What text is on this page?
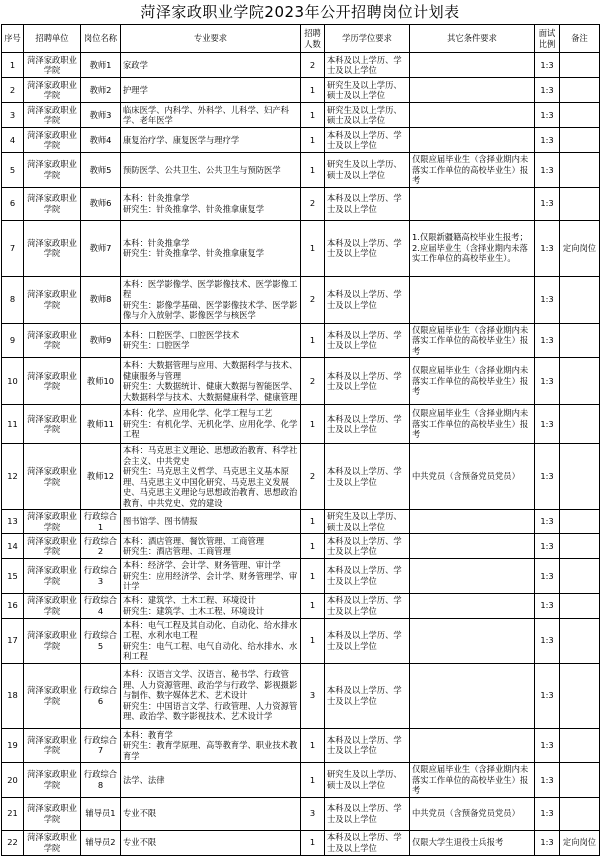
菏泽家政职业学院2023年公开招聘岗位计划表
序号	招聘单位	岗位名称	专业要求	招聘人数	学历学位要求	其它条件要求	面试比例	备注
1	菏泽家政职业学院	教师1	家政学	2	本科及以上学历、学士及以上学位		1:3	
2	菏泽家政职业学院	教师2	护理学	1	研究生及以上学历、硕士及以上学位		1:3	
3	菏泽家政职业学院	教师3	临床医学、内科学、外科学、儿科学、妇产科学、老年医学	1	研究生及以上学历、硕士及以上学位		1:3	
4	菏泽家政职业学院	教师4	康复治疗学、康复医学与理疗学	1	本科及以上学历、学士及以上学位		1:3	
5	菏泽家政职业学院	教师5	预防医学、公共卫生、公共卫生与预防医学	1	研究生及以上学历、硕士及以上学位	仅限应届毕业生（含择业期内未落实工作单位的高校毕业生）报考	1:3	
6	菏泽家政职业学院	教师6	本科：针灸推拿学
研究生：针灸推拿学、针灸推拿康复学	2	本科及以上学历、学士及以上学位		1:3	
7	菏泽家政职业学院	教师7	本科：针灸推拿学
研究生：针灸推拿学、针灸推拿康复学	1	本科及以上学历、学士及以上学位	1.仅限新疆籍高校毕业生报考；
2.应届毕业生（含择业期内未落实工作单位的高校毕业生）。	1:3	定向岗位
8	菏泽家政职业学院	教师8	本科：医学影像学、医学影像技术、医学影像工程
研究生：影像学基础、医学影像技术学、医学影像与介入放射学、影像医学与核医学	2	本科及以上学历、学士及以上学位		1:3	
9	菏泽家政职业学院	教师9	本科：口腔医学、口腔医学技术
研究生：口腔医学	1	本科及以上学历、学士及以上学位	仅限应届毕业生（含择业期内未落实工作单位的高校毕业生）报考	1:3	
10	菏泽家政职业学院	教师10	本科：大数据管理与应用、大数据科学与技术、健康服务与管理
研究生：大数据统计、健康大数据与智能医学、大数据科学与技术、大数据健康科学、健康管理	2	本科及以上学历、学士及以上学位	仅限应届毕业生（含择业期内未落实工作单位的高校毕业生）报考	1:3	
11	菏泽家政职业学院	教师11	本科：化学、应用化学、化学工程与工艺
研究生：有机化学、无机化学、应用化学、化学工程	1	本科及以上学历、学士及以上学位	仅限应届毕业生（含择业期内未落实工作单位的高校毕业生）报考	1:3	
12	菏泽家政职业学院	教师12	本科：马克思主义理论、思想政治教育、科学社会主义、中共党史
研究生：马克思主义哲学、马克思主义基本原理、马克思主义中国化研究、马克思主义发展史、马克思主义理论与思想政治教育、思想政治教育、中共党史、党的建设	2	本科及以上学历、学士及以上学位	中共党员（含预备党员党员）	1:3	
13	菏泽家政职业学院	行政综合1	图书馆学、图书情报	1	研究生及以上学历、硕士及以上学位		1:3	
14	菏泽家政职业学院	行政综合2	本科：酒店管理、餐饮管理、工商管理
研究生：酒店管理、工商管理	1	本科及以上学历、学士及以上学位		1:3	
15	菏泽家政职业学院	行政综合3	本科：经济学、会计学、财务管理、审计学
研究生：应用经济学、会计学、财务管理学、审计学	1	本科及以上学历、学士及以上学位		1:3	
16	菏泽家政职业学院	行政综合4	本科：建筑学、土木工程、环境设计
研究生：建筑学、土木工程、环境设计	1	本科及以上学历、学士及以上学位		1:3	
17	菏泽家政职业学院	行政综合5	本科：电气工程及其自动化、自动化、给水排水工程、水利水电工程
研究生：电气工程、电气自动化、给水排水、水利工程	1	本科及以上学历、学士及以上学位		1:3	
18	菏泽家政职业学院	行政综合6	本科：汉语言文学、汉语言、秘书学、行政管理、人力资源管理、政治学与行政学、影视摄影与制作、数字媒体艺术、艺术设计
研究生：中国语言文学、行政管理、人力资源管理、政治学、数字影视技术、艺术设计学	3	本科及以上学历、学士及以上学位		1:3	
19	菏泽家政职业学院	行政综合7	本科：教育学
研究生：教育学原理、高等教育学、职业技术教育学	1	本科及以上学历、学士及以上学位		1:3	
20	菏泽家政职业学院	行政综合8	法学、法律	1	研究生及以上学历、硕士及以上学位	仅限应届毕业生（含择业期内未落实工作单位的高校毕业生）报考	1:3	
21	菏泽家政职业学院	辅导员1	专业不限	3	本科及以上学历、学士及以上学位	中共党员（含预备党员党员）	1:3	
22	菏泽家政职业学院	辅导员2	专业不限	1	本科及以上学历、学士及以上学位	仅限大学生退役士兵报考	1:3	定向岗位
